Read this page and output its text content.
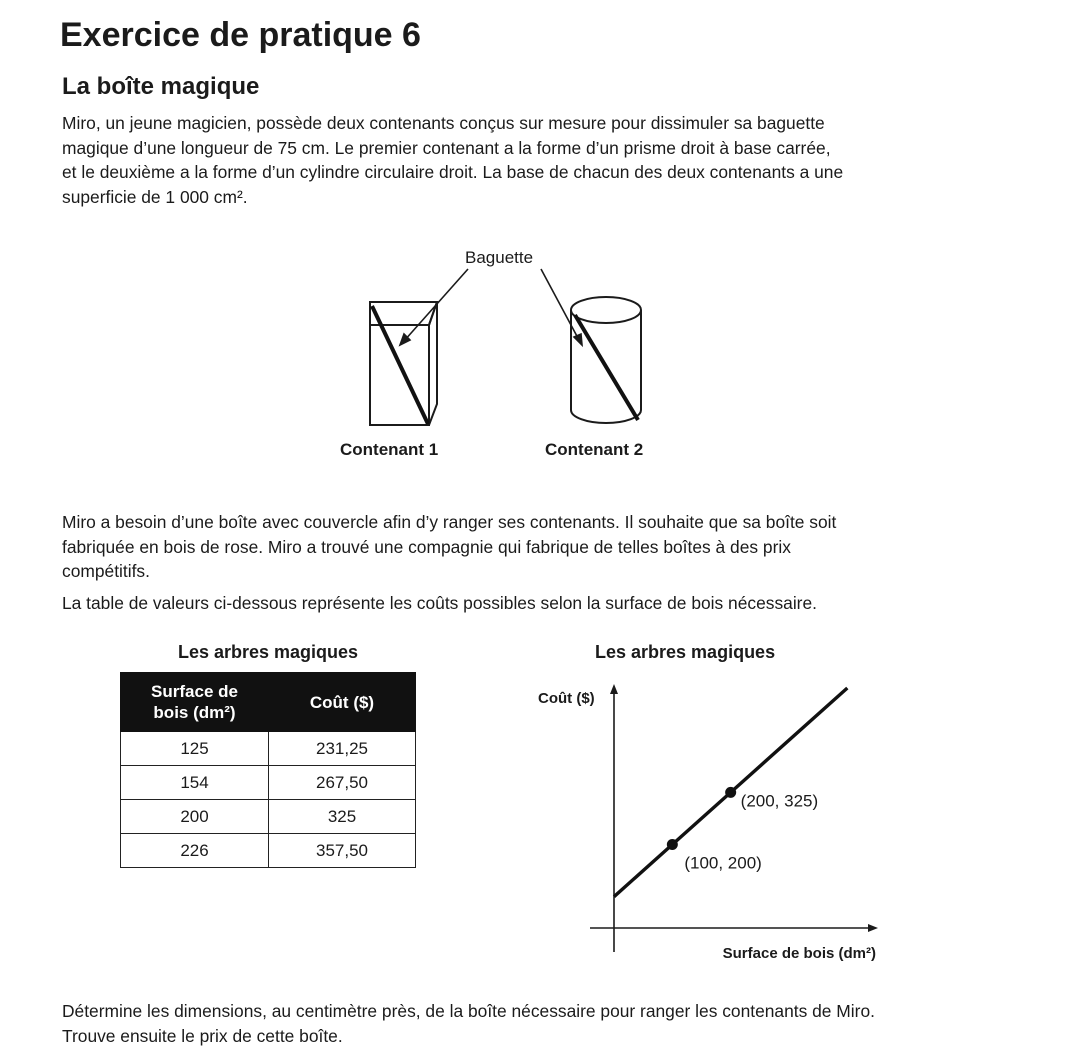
Exercice de pratique 6
La boîte magique
Miro, un jeune magicien, possède deux contenants conçus sur mesure pour dissimuler sa baguette
magique d’une longueur de 75 cm. Le premier contenant a la forme d’un prisme droit à base carrée,
et le deuxième a la forme d’un cylindre circulaire droit. La base de chacun des deux contenants a une
superficie de 1 000 cm².
Baguette
Contenant 1	Contenant 2
Miro a besoin d’une boîte avec couvercle afin d’y ranger ses contenants. Il souhaite que sa boîte soit
fabriquée en bois de rose. Miro a trouvé une compagnie qui fabrique de telles boîtes à des prix
compétitifs.
La table de valeurs ci-dessous représente les coûts possibles selon la surface de bois nécessaire.
Les arbres magiques
Surface de
bois (dm²)	Coût ($)
125	231,25
154	267,50
200	325
226	357,50
Les arbres magiques
(100, 200)
(200, 325)
Coût ($)
Surface de bois (dm²)
Détermine les dimensions, au centimètre près, de la boîte nécessaire pour ranger les contenants de Miro.
Trouve ensuite le prix de cette boîte.
